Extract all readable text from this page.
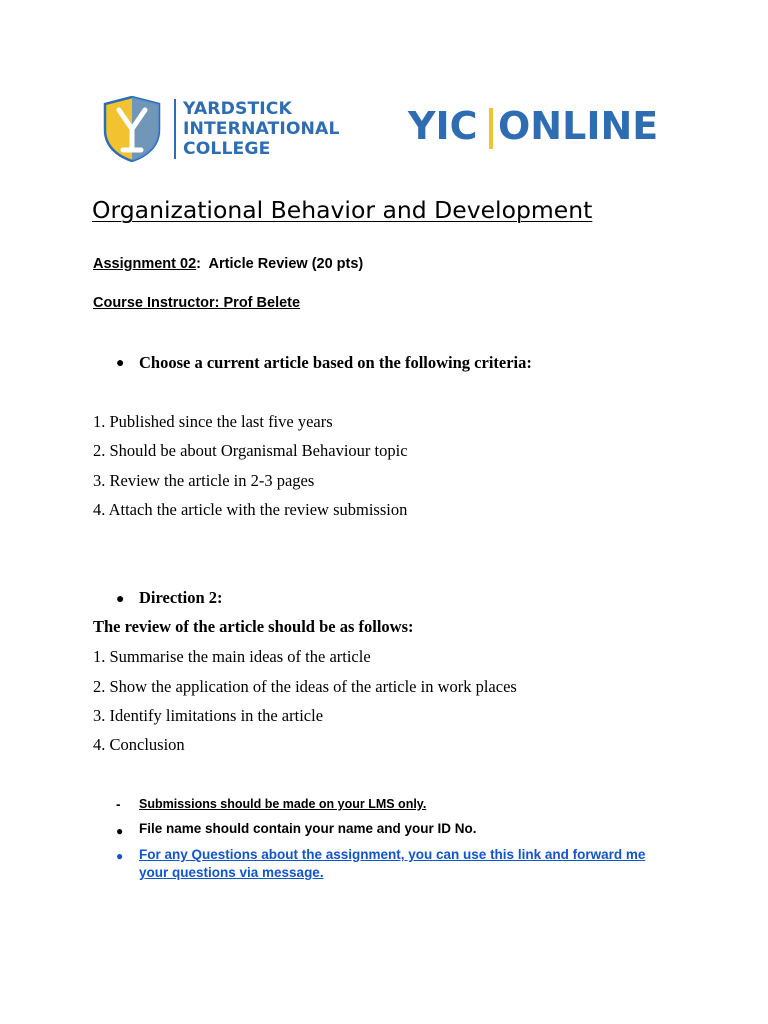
YARDSTICK
INTERNATIONAL
COLLEGE
YIC ONLINE
Organizational Behavior and Development
Assignment 02: Article Review (20 pts)
Course Instructor: Prof Belete
● Choose a current article based on the following criteria:
1. Published since the last five years
2. Should be about Organismal Behaviour topic
3. Review the article in 2-3 pages
4. Attach the article with the review submission
● Direction 2:
The review of the article should be as follows:
1. Summarise the main ideas of the article
2. Show the application of the ideas of the article in work places
3. Identify limitations in the article
4. Conclusion
- Submissions should be made on your LMS only.
● File name should contain your name and your ID No.
● For any Questions about the assignment, you can use this link and forward me
your questions via message.
